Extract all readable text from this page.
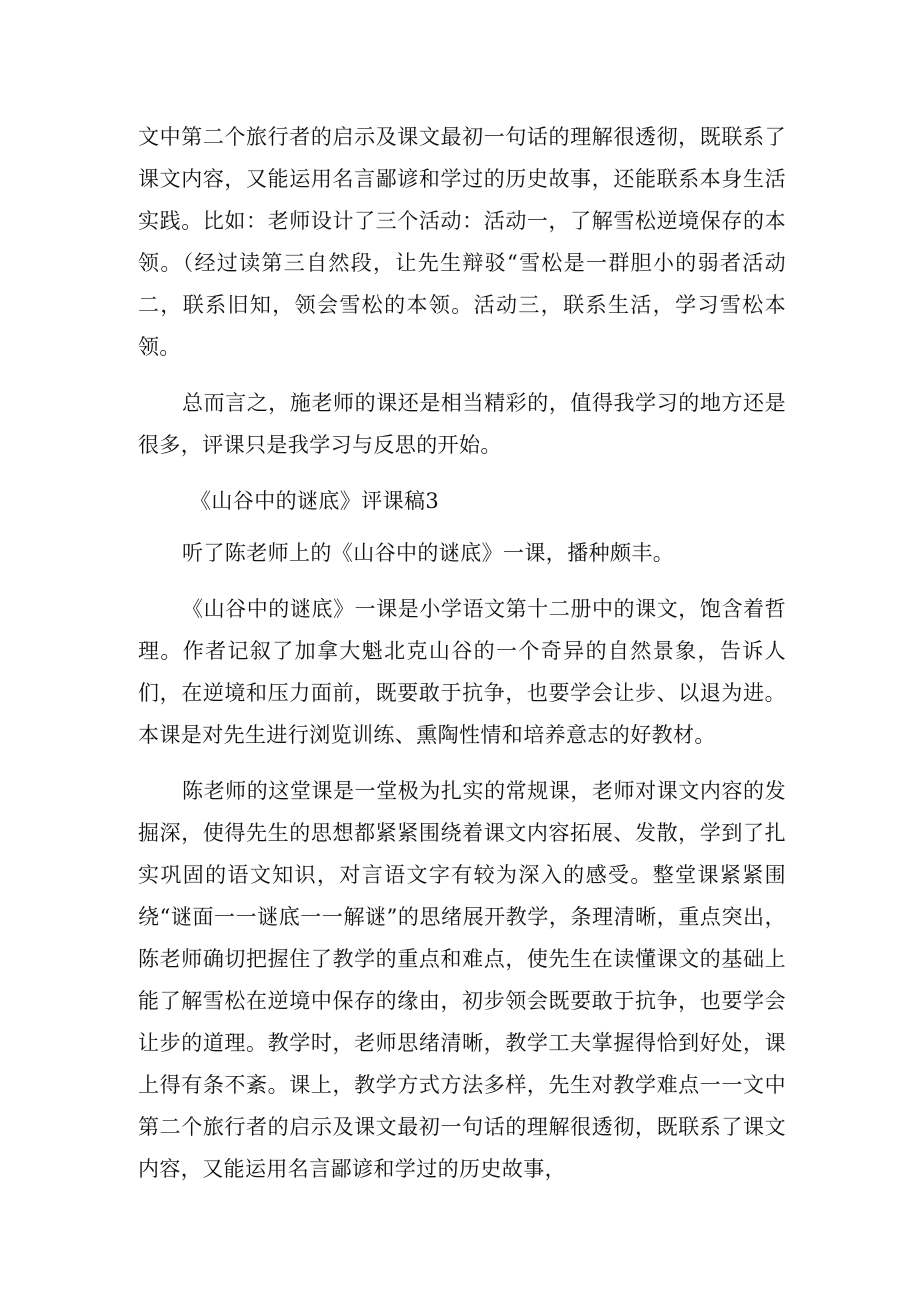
文中第二个旅行者的启示及课文最初一句话的理解很透彻，既联系了课文内容，又能运用名言鄙谚和学过的历史故事，还能联系本身生活实践。比如：老师设计了三个活动：活动一，了解雪松逆境保存的本领。（经过读第三自然段，让先生辩驳“雪松是一群胆小的弱者活动二，联系旧知，领会雪松的本领。活动三，联系生活，学习雪松本领。

总而言之，施老师的课还是相当精彩的，值得我学习的地方还是很多，评课只是我学习与反思的开始。

《山谷中的谜底》评课稿3

听了陈老师上的《山谷中的谜底》一课，播种颇丰。

《山谷中的谜底》一课是小学语文第十二册中的课文，饱含着哲理。作者记叙了加拿大魁北克山谷的一个奇异的自然景象，告诉人们，在逆境和压力面前，既要敢于抗争，也要学会让步、以退为进。本课是对先生进行浏览训练、熏陶性情和培养意志的好教材。

陈老师的这堂课是一堂极为扎实的常规课，老师对课文内容的发掘深，使得先生的思想都紧紧围绕着课文内容拓展、发散，学到了扎实巩固的语文知识，对言语文字有较为深入的感受。整堂课紧紧围绕“谜面一一谜底一一解谜”的思绪展开教学，条理清晰，重点突出，陈老师确切把握住了教学的重点和难点，使先生在读懂课文的基础上能了解雪松在逆境中保存的缘由，初步领会既要敢于抗争，也要学会让步的道理。教学时，老师思绪清晰，教学工夫掌握得恰到好处，课上得有条不紊。课上，教学方式方法多样，先生对教学难点一一文中第二个旅行者的启示及课文最初一句话的理解很透彻，既联系了课文内容，又能运用名言鄙谚和学过的历史故事，
